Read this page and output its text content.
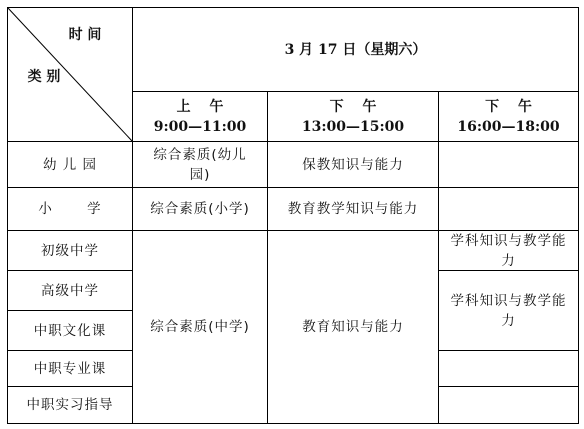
时 间
类 别
3 月 17 日（星期六）
上　 午
9:00—11:00
下　 午
13:00—15:00
下　 午
16:00—18:00
幼 儿 园
小　　 学
初级中学
高级中学
中职文化课
中职专业课
中职实习指导
综合素质(幼儿园)
保教知识与能力
综合素质(小学)	教育教学知识与能力
综合素质(中学)	教育知识与能力
学科知识与教学能力
学科知识与教学能力
